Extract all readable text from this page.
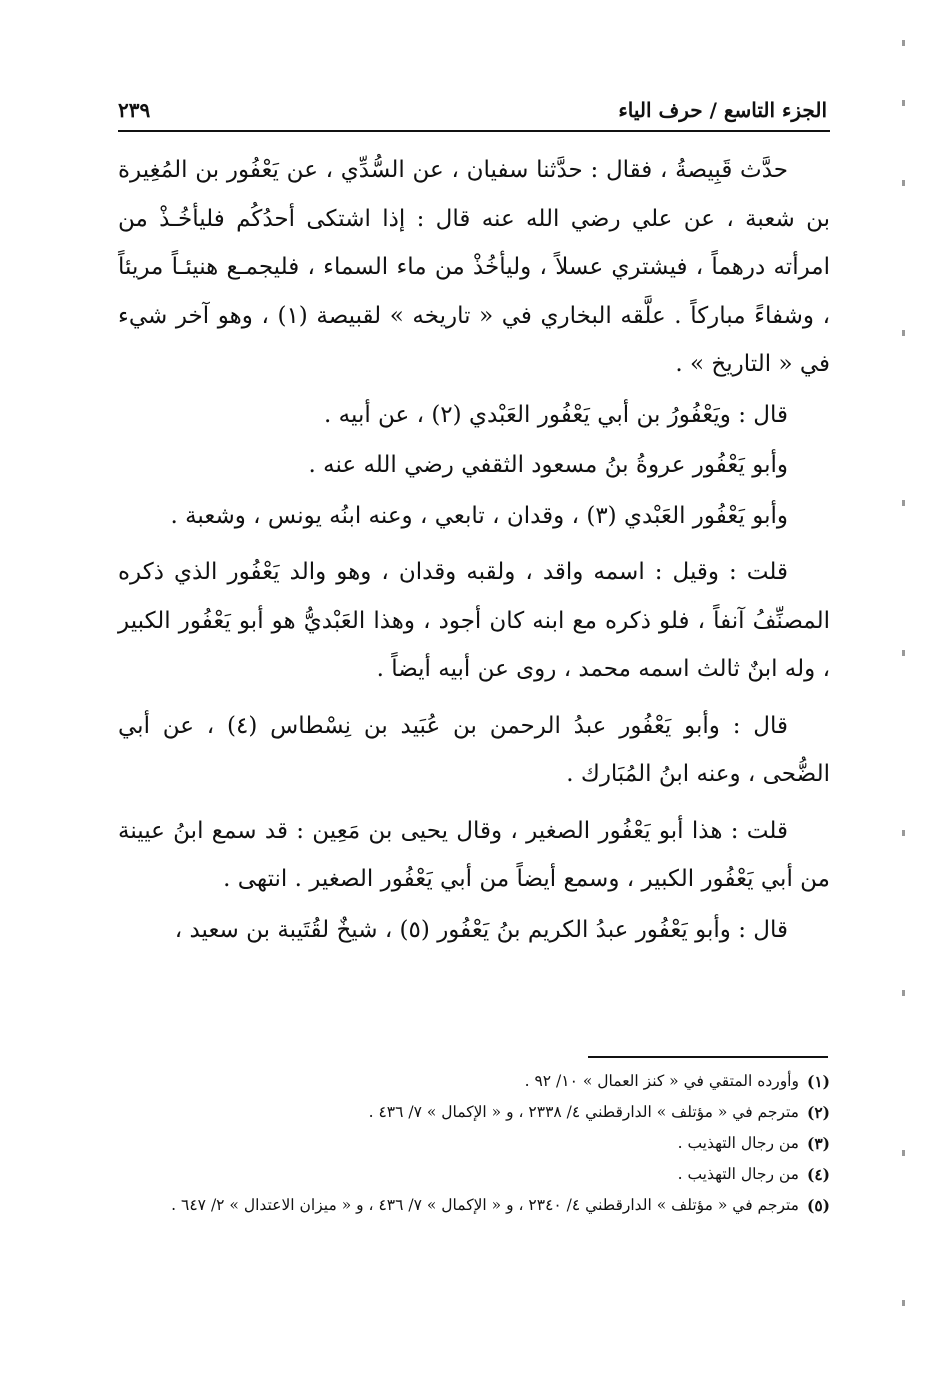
الجزء التاسع / حرف الياء
٢٣٩

حدَّث قَبِيصةُ ، فقال : حدَّثنا سفيان ، عن السُّدِّي ، عن يَعْفُور بن المُغِيرة بن شعبة ، عن علي رضي الله عنه قال : إذا اشتكى أحدُكُم فليأخُـذْ من امرأته درهماً ، فيشتري عسلاً ، وليأخُذْ من ماء السماء ، فليجمـع هنيئـاً مريئاً ، وشفاءً مباركاً . علَّقه البخاري في « تاريخه » لقبيصة (١) ، وهو آخر شيء في « التاريخ » .

قال : ويَعْفُورُ بن أبي يَعْفُور العَبْدي (٢) ، عن أبيه .

وأبو يَعْفُور عروةُ بنُ مسعود الثقفي رضي الله عنه .

وأبو يَعْفُور العَبْدي (٣) ، وقدان ، تابعي ، وعنه ابنُه يونس ، وشعبة .

قلت : وقيل : اسمه واقد ، ولقبه وقدان ، وهو والد يَعْفُور الذي ذكره المصنِّفُ آنفاً ، فلو ذكره مع ابنه كان أجود ، وهذا العَبْديُّ هو أبو يَعْفُور الكبير ، وله ابنٌ ثالث اسمه محمد ، روى عن أبيه أيضاً .

قال : وأبو يَعْفُور عبدُ الرحمن بن عُبَيد بن نِسْطاس (٤) ، عن أبي الضُّحى ، وعنه ابنُ المُبَارك .

قلت : هذا أبو يَعْفُور الصغير ، وقال يحيى بن مَعِين : قد سمع ابنُ عيينة من أبي يَعْفُور الكبير ، وسمع أيضاً من أبي يَعْفُور الصغير . انتهى .

قال : وأبو يَعْفُور عبدُ الكريم بنُ يَعْفُور (٥) ، شيخٌ لقُتَيبة بن سعيد ،

(١)
وأورده المتقي في « كنز العمال » ١٠/ ٩٢ .
(٢)
مترجم في « مؤتلف » الدارقطني ٤/ ٢٣٣٨ ، و « الإكمال » ٧/ ٤٣٦ .
(٣)
من رجال التهذيب .
(٤)
من رجال التهذيب .
(٥)
مترجم في « مؤتلف » الدارقطني ٤/ ٢٣٤٠ ، و « الإكمال » ٧/ ٤٣٦ ، و « ميزان الاعتدال » ٢/ ٦٤٧ .
